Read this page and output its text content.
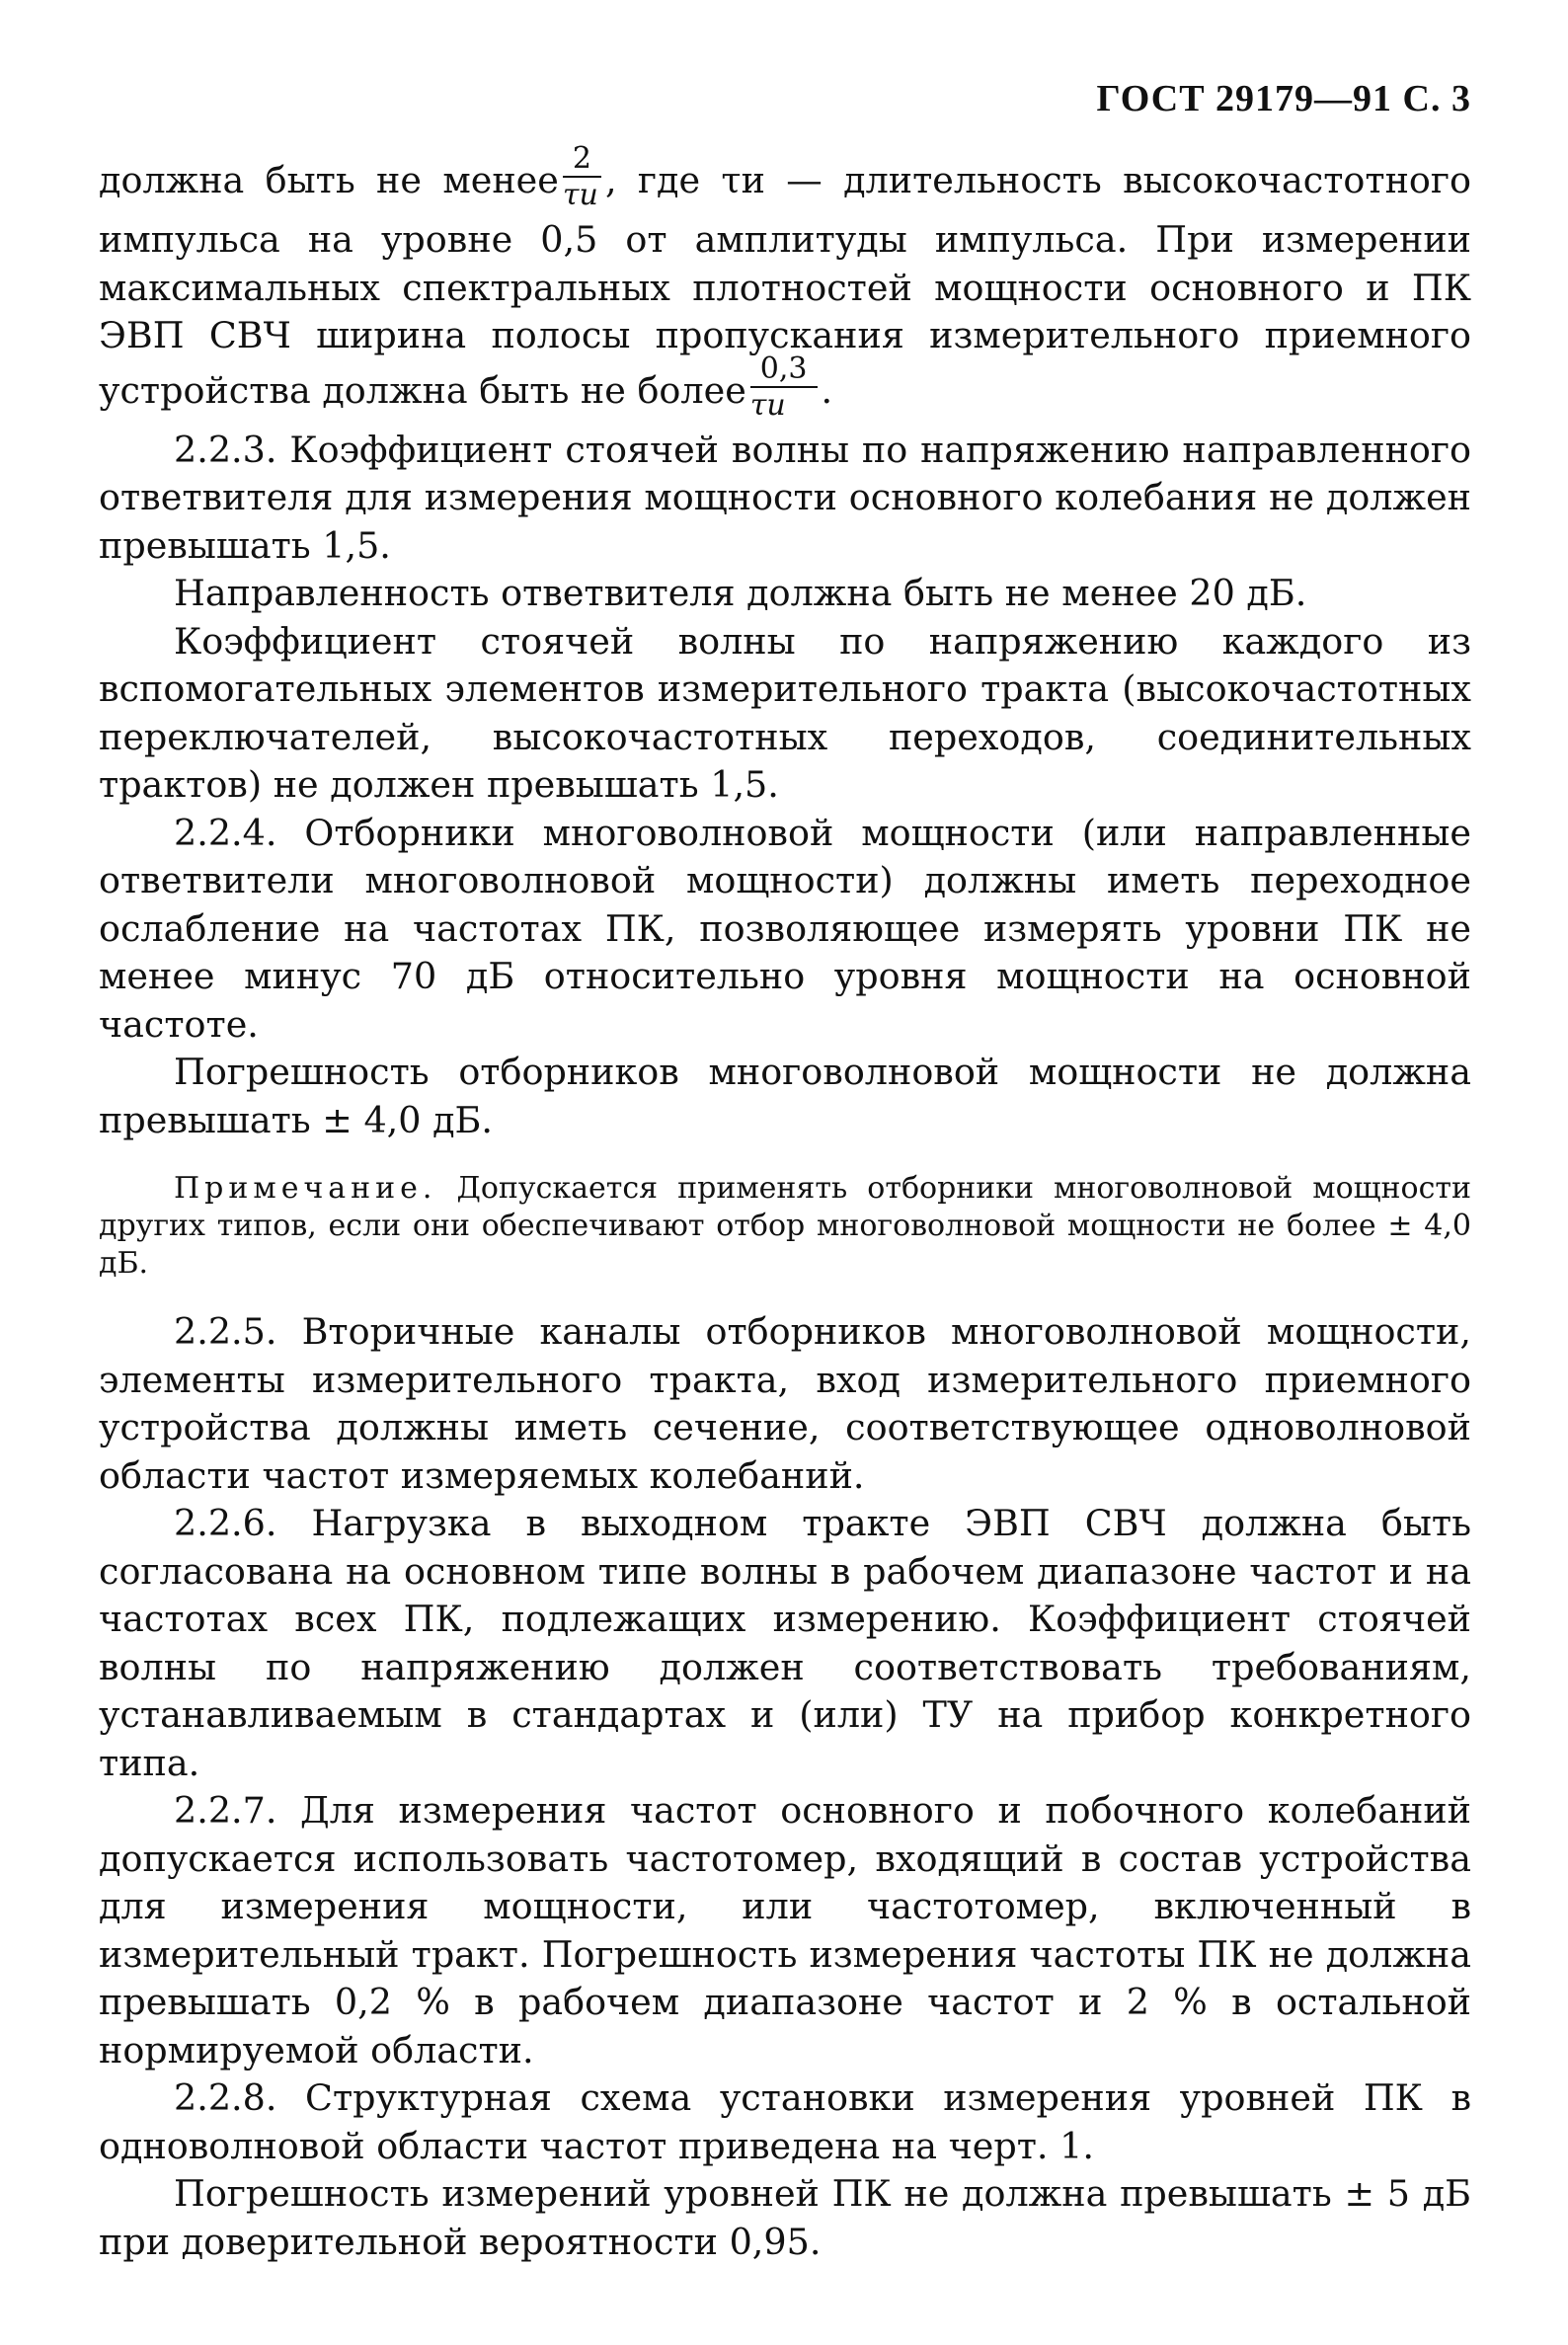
ГОСТ 29179—91 С. 3

должна быть не менее $\frac{2}{\tau и}$ , где τи — длительность высокочастотного импульса на уровне 0,5 от амплитуды импульса. При измерении максимальных спектральных плотностей мощности основного и ПК ЭВП СВЧ ширина полосы пропускания измерительного приемного устройства должна быть не более $\frac{0,3}{\tau и}$ .

2.2.3. Коэффициент стоячей волны по напряжению направленного ответвителя для измерения мощности основного колебания не должен превышать 1,5.

Направленность ответвителя должна быть не менее 20 дБ.

Коэффициент стоячей волны по напряжению каждого из вспомогательных элементов измерительного тракта (высокочастотных переключателей, высокочастотных переходов, соединительных трактов) не должен превышать 1,5.

2.2.4. Отборники многоволновой мощности (или направленные ответвители многоволновой мощности) должны иметь переходное ослабление на частотах ПК, позволяющее измерять уровни ПК не менее минус 70 дБ относительно уровня мощности на основной частоте.

Погрешность отборников многоволновой мощности не должна превышать ± 4,0 дБ.

Примечание. Допускается применять отборники многоволновой мощности других типов, если они обеспечивают отбор многоволновой мощности не более ± 4,0 дБ.

2.2.5. Вторичные каналы отборников многоволновой мощности, элементы измерительного тракта, вход измерительного приемного устройства должны иметь сечение, соответствующее одноволновой области частот измеряемых колебаний.

2.2.6. Нагрузка в выходном тракте ЭВП СВЧ должна быть согласована на основном типе волны в рабочем диапазоне частот и на частотах всех ПК, подлежащих измерению. Коэффициент стоячей волны по напряжению должен соответствовать требованиям, устанавливаемым в стандартах и (или) ТУ на прибор конкретного типа.

2.2.7. Для измерения частот основного и побочного колебаний допускается использовать частотомер, входящий в состав устройства для измерения мощности, или частотомер, включенный в измерительный тракт. Погрешность измерения частоты ПК не должна превышать 0,2 % в рабочем диапазоне частот и 2 % в остальной нормируемой области.

2.2.8. Структурная схема установки измерения уровней ПК в одноволновой области частот приведена на черт. 1.

Погрешность измерений уровней ПК не должна превышать ± 5 дБ при доверительной вероятности 0,95.
